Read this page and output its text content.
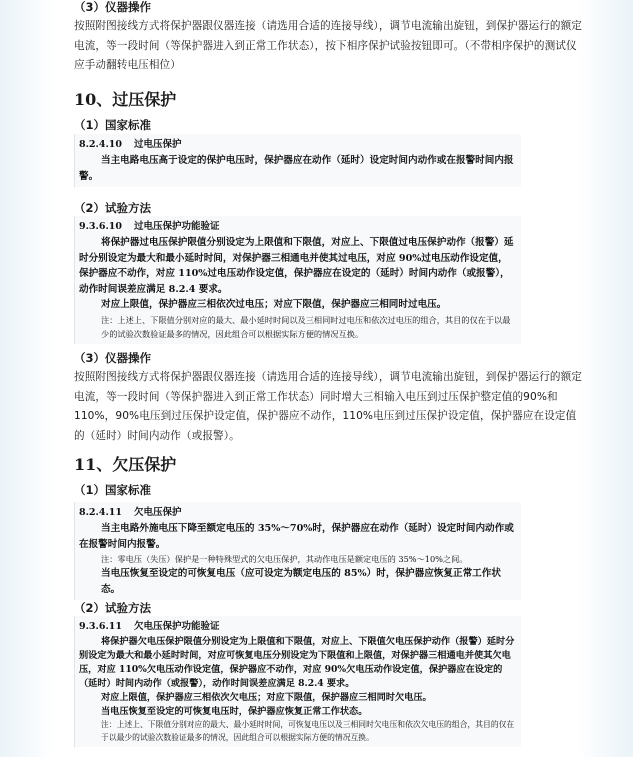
（3）仪器操作

按照附图接线方式将保护器跟仪器连接（请选用合适的连接导线），调节电流输出旋钮，到保护器运行的额定电流，等一段时间（等保护器进入到正常工作状态），按下相序保护试验按钮即可。（不带相序保护的测试仪应手动翻转电压相位）

10、过压保护

（1）国家标准

8.2.4.10 过电压保护
当主电路电压高于设定的保护电压时，保护器应在动作（延时）设定时间内动作或在报警时间内报警。

（2）试验方法

9.3.6.10 过电压保护功能验证
将保护器过电压保护限值分别设定为上限值和下限值，对应上、下限值过电压保护动作（报警）延时分别设定为最大和最小延时时间，对保护器三相通电并使其过电压，对应 90%过电压动作设定值，保护器应不动作，对应 110%过电压动作设定值，保护器应在设定的（延时）时间内动作（或报警），动作时间误差应满足 8.2.4 要求。
对应上限值，保护器应三相依次过电压；对应下限值，保护器应三相同时过电压。
注：上述上、下限值分别对应的最大、最小延时时间以及三相同时过电压和依次过电压的组合，其目的仅在于以最少的试验次数验证最多的情况，因此组合可以根据实际方便的情况互换。

（3）仪器操作

按照附图接线方式将保护器跟仪器连接（请选用合适的连接导线），调节电流输出旋钮，到保护器运行的额定电流，等一段时间（等保护器进入到正常工作状态）同时增大三相输入电压到过压保护整定值的90%和 110%，90%电压到过压保护设定值，保护器应不动作，110%电压到过压保护设定值，保护器应在设定值的（延时）时间内动作（或报警）。

11、欠压保护

（1）国家标准

8.2.4.11 欠电压保护
当主电路外施电压下降至额定电压的 35%～70%时，保护器应在动作（延时）设定时间内动作或在报警时间内报警。
注：零电压（失压）保护是一种特殊型式的欠电压保护，其动作电压是额定电压的 35%～10%之间。
当电压恢复至设定的可恢复电压（应可设定为额定电压的 85%）时，保护器应恢复正常工作状态。

（2）试验方法

9.3.6.11 欠电压保护功能验证
将保护器欠电压保护限值分别设定为上限值和下限值，对应上、下限值欠电压保护动作（报警）延时分别设定为最大和最小延时时间，对应可恢复电压分别设定为下限值和上限值，对保护器三相通电并使其欠电压，对应 110%欠电压动作设定值，保护器应不动作，对应 90%欠电压动作设定值，保护器应在设定的（延时）时间内动作（或报警），动作时间误差应满足 8.2.4 要求。
对应上限值，保护器应三相依次欠电压；对应下限值，保护器应三相同时欠电压。
当电压恢复至设定的可恢复电压时，保护器应恢复正常工作状态。
注：上述上、下限值分别对应的最大、最小延时时间，可恢复电压以及三相同时欠电压和依次欠电压的组合，其目的仅在于以最少的试验次数验证最多的情况，因此组合可以根据实际方便的情况互换。
